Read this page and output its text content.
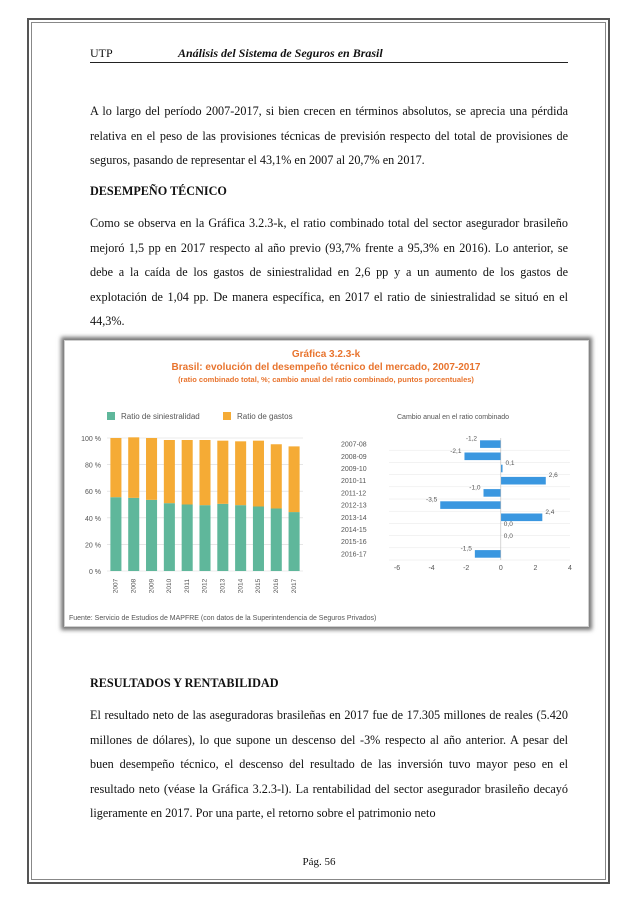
UTP	Análisis del Sistema de Seguros en Brasil

A lo largo del período 2007-2017, si bien crecen en términos absolutos, se aprecia una pérdida relativa en el peso de las provisiones técnicas de previsión respecto del total de provisiones de seguros, pasando de representar el 43,1% en 2007 al 20,7% en 2017.

DESEMPEÑO TÉCNICO

Como se observa en la Gráfica 3.2.3-k, el ratio combinado total del sector asegurador brasileño mejoró 1,5 pp en 2017 respecto al año previo (93,7% frente a 95,3% en 2016). Lo anterior, se debe a la caída de los gastos de siniestralidad en 2,6 pp y a un aumento de los gastos de explotación de 1,04 pp. De manera específica, en 2017 el ratio de siniestralidad se situó en el 44,3%.

Gráfica 3.2.3-k
Brasil: evolución del desempeño técnico del mercado, 2007-2017
(ratio combinado total, %; cambio anual del ratio combinado, puntos porcentuales)
Ratio de siniestralidad	Ratio de gastos	Cambio anual en el ratio combinado
100 %
80 %
60 %
40 %
20 %
0 %
2007 2008 2009 2010 2011 2012 2013 2014 2015 2016 2017
2007-08
-1,2
2008-09
-2,1
2009-10
0,1
2010-11
2,6
2011-12
-1,0
2012-13
-3,5
2013-14
2,4
2014-15
0,0
2015-16
0,0
2016-17
-1,5
-6	-4	-2	0	2	4
Fuente: Servicio de Estudios de MAPFRE (con datos de la Superintendencia de Seguros Privados)

RESULTADOS Y RENTABILIDAD

El resultado neto de las aseguradoras brasileñas en 2017 fue de 17.305 millones de reales (5.420 millones de dólares), lo que supone un descenso del -3% respecto al año anterior. A pesar del buen desempeño técnico, el descenso del resultado de las inversión tuvo mayor peso en el resultado neto (véase la Gráfica 3.2.3-l). La rentabilidad del sector asegurador brasileño decayó ligeramente en 2017. Por una parte, el retorno sobre el patrimonio neto

Pág. 56
